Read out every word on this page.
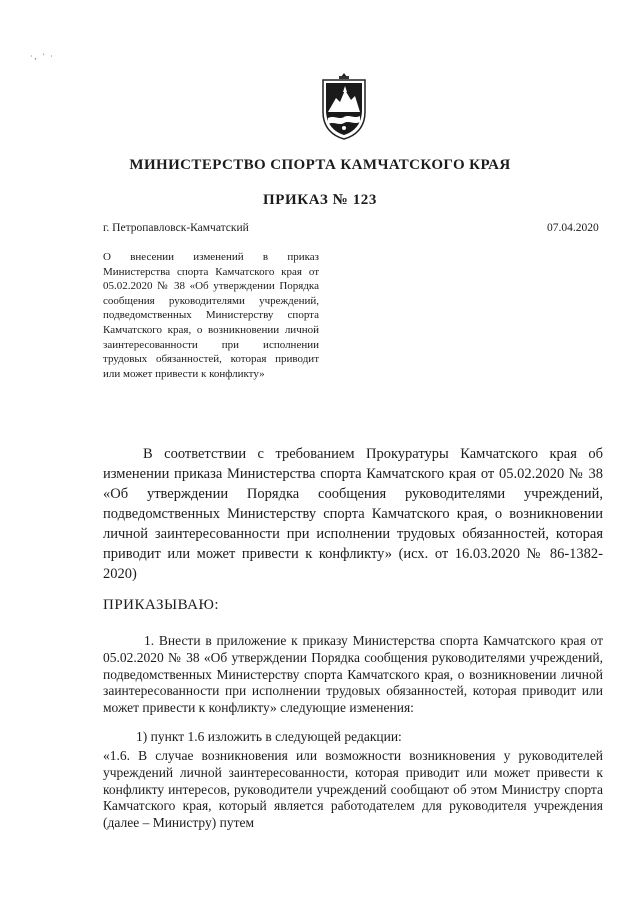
·, ' ·
МИНИСТЕРСТВО СПОРТА КАМЧАТСКОГО КРАЯ
ПРИКАЗ № 123
г. Петропавловск-Камчатский	07.04.2020
О внесении изменений в приказ Министерства спорта Камчатского края от 05.02.2020 № 38 «Об утверждении Порядка сообщения руководителями учреждений, подведомственных Министерству спорта Камчатского края, о возникновении личной заинтересованности при исполнении трудовых обязанностей, которая приводит или может привести к конфликту»
В соответствии с требованием Прокуратуры Камчатского края об изменении приказа Министерства спорта Камчатского края от 05.02.2020 № 38 «Об утверждении Порядка сообщения руководителями учреждений, подведомственных Министерству спорта Камчатского края, о возникновении личной заинтересованности при исполнении трудовых обязанностей, которая приводит или может привести к конфликту» (исх. от 16.03.2020 № 86-1382-2020)
ПРИКАЗЫВАЮ:
1. Внести в приложение к приказу Министерства спорта Камчатского края от 05.02.2020 № 38 «Об утверждении Порядка сообщения руководителями учреждений, подведомственных Министерству спорта Камчатского края, о возникновении личной заинтересованности при исполнении трудовых обязанностей, которая приводит или может привести к конфликту» следующие изменения:
1) пункт 1.6 изложить в следующей редакции:
«1.6. В случае возникновения или возможности возникновения у руководителей учреждений личной заинтересованности, которая приводит или может привести к конфликту интересов, руководители учреждений сообщают об этом Министру спорта Камчатского края, который является работодателем для руководителя учреждения (далее – Министру) путем
